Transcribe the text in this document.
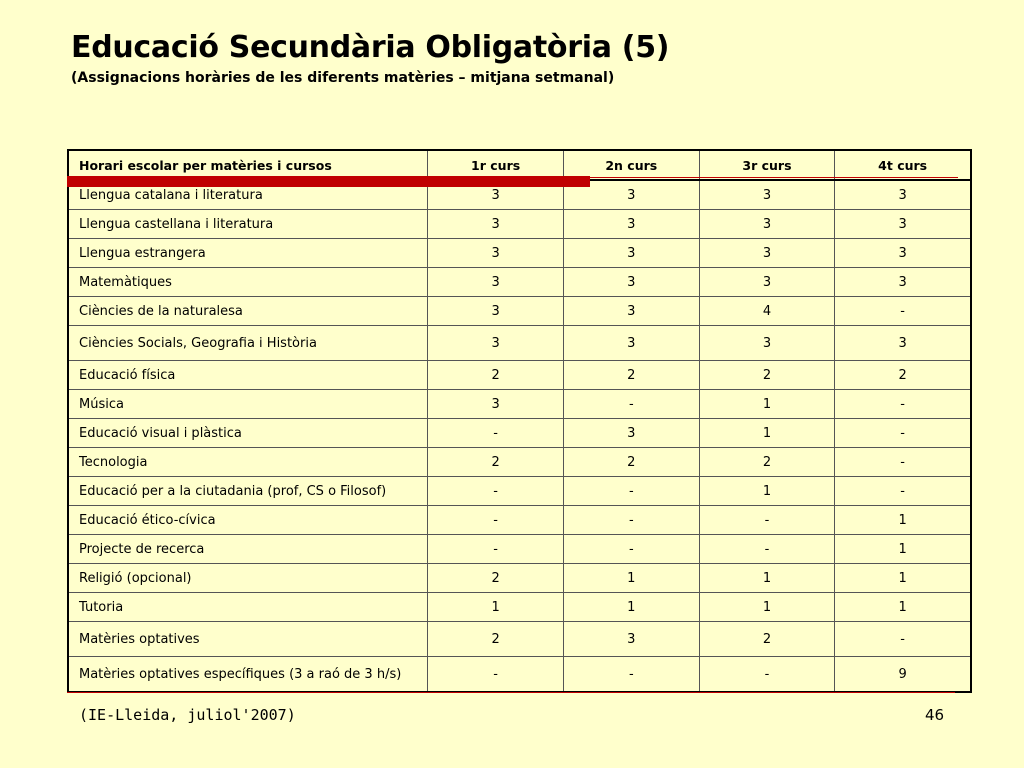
Educació Secundària Obligatòria (5)
(Assignacions horàries de les diferents matèries – mitjana setmanal)
Horari escolar per matèries i cursos	1r curs	2n curs	3r curs	4t curs
Llengua catalana i literatura	3	3	3	3
Llengua castellana i literatura	3	3	3	3
Llengua estrangera	3	3	3	3
Matemàtiques	3	3	3	3
Ciències de la naturalesa	3	3	4	-
Ciències Socials, Geografia i Història	3	3	3	3
Educació física	2	2	2	2
Música	3	-	1	-
Educació visual i plàstica	-	3	1	-
Tecnologia	2	2	2	-
Educació per a la ciutadania (prof, CS o Filosof)	-	-	1	-
Educació ético-cívica	-	-	-	1
Projecte de recerca	-	-	-	1
Religió (opcional)	2	1	1	1
Tutoria	1	1	1	1
Matèries optatives	2	3	2	-
Matèries optatives específiques (3 a raó de 3 h/s)	-	-	-	9
(IE-Lleida, juliol'2007)	46
